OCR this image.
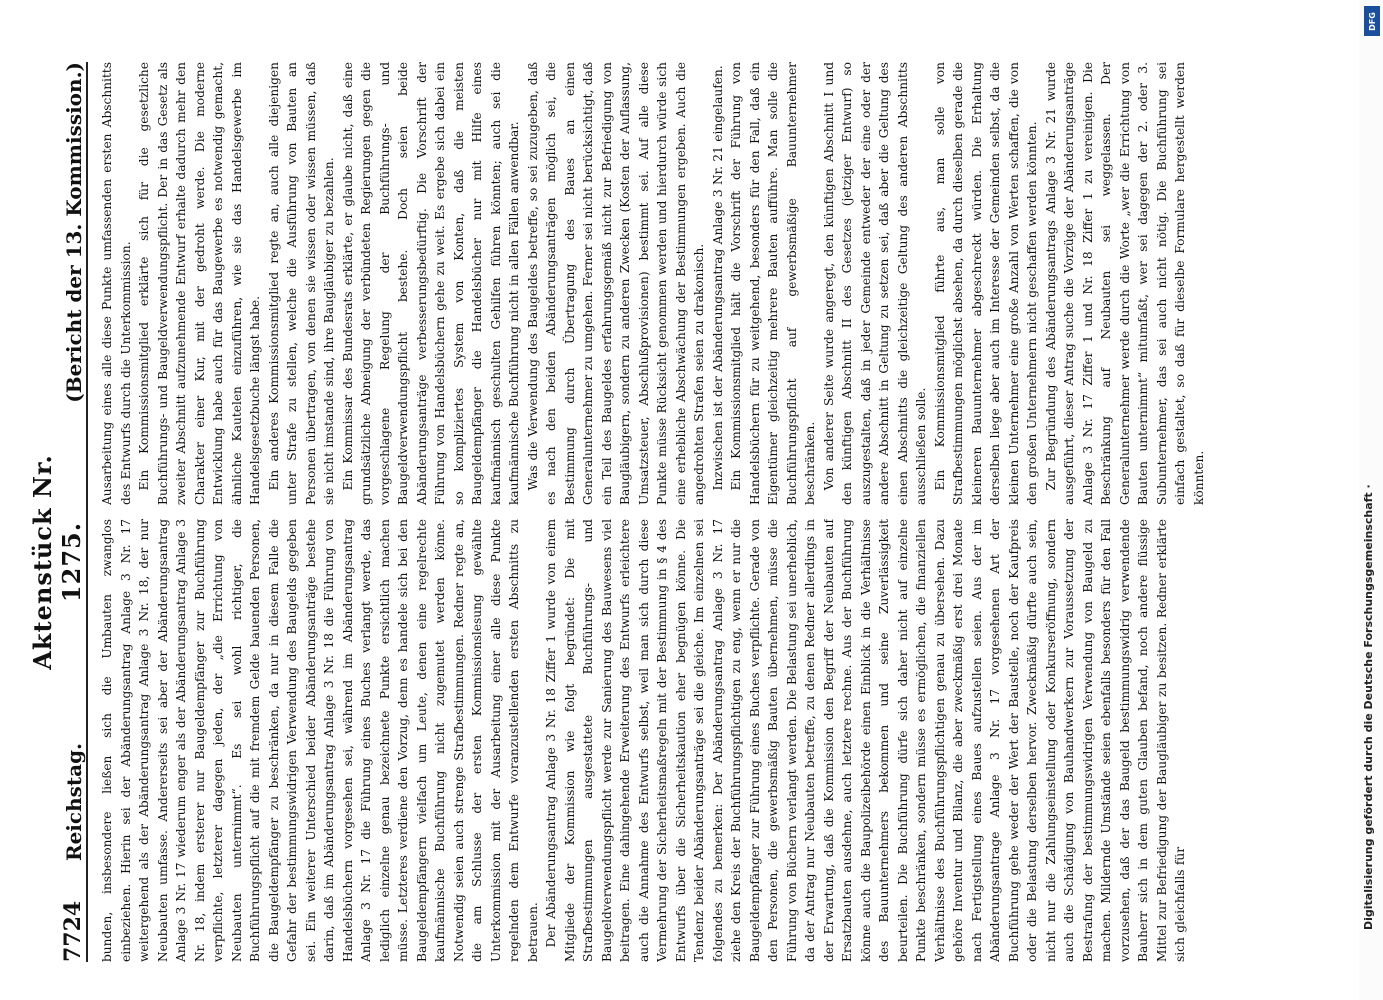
7724
Reichstag.
Aktenstück Nr. 1275.
(Bericht der 13. Kommission.)

bunden, insbesondere ließen sich die Umbauten zwanglos einbeziehen. Hierin sei der Abänderungsantrag Anlage 3 Nr. 17 weitergehend als der Abänderungsantrag Anlage 3 Nr. 18, der nur Neubauten umfasse. Andererseits sei aber der Abänderungsantrag Anlage 3 Nr. 17 wiederum enger als der Abänderungsantrag Anlage 3 Nr. 18, indem ersterer nur Baugeldempfänger zur Buchführung verpflichte, letzterer dagegen jeden, der „die Errichtung von Neubauten unternimmt“. Es sei wohl richtiger, die Buchführungspflicht auf die mit fremdem Gelde bauenden Personen, die Baugeldempfänger zu beschränken, da nur in diesem Falle die Gefahr der bestimmungswidrigen Verwendung des Baugelds gegeben sei. Ein weiterer Unterschied beider Abänderungsanträge bestehe darin, daß im Abänderungsantrag Anlage 3 Nr. 18 die Führung von Handelsbüchern vorgesehen sei, während im Abänderungsantrag Anlage 3 Nr. 17 die Führung eines Buches verlangt werde, das lediglich einzelne genau bezeichnete Punkte ersichtlich machen müsse. Letzteres verdiene den Vorzug, denn es handele sich bei den Baugeldempfängern vielfach um Leute, denen eine regelrechte kaufmännische Buchführung nicht zugemutet werden könne. Notwendig seien auch strenge Strafbestimmungen. Redner regte an, die am Schlusse der ersten Kommissionslesung gewählte Unterkommission mit der Ausarbeitung einer alle diese Punkte regelnden dem Entwurfe voranzustellenden ersten Abschnitts zu betrauen. Der Abänderungsantrag Anlage 3 Nr. 18 Ziffer 1 wurde von einem Mitgliede der Kommission wie folgt begründet: Die mit Strafbestimmungen ausgestattete Buchführungs- und Baugeldverwendungspflicht werde zur Sanierung des Bauwesens viel beitragen. Eine dahingehende Erweiterung des Entwurfs erleichtere auch die Annahme des Entwurfs selbst, weil man sich durch diese Vermehrung der Sicherheitsmaßregeln mit der Bestimmung in § 4 des Entwurfs über die Sicherheitskaution eher begnügen könne. Die Tendenz beider Abänderungsanträge sei die gleiche. Im einzelnen sei folgendes zu bemerken: Der Abänderungsantrag Anlage 3 Nr. 17 ziehe den Kreis der Buchführungspflichtigen zu eng, wenn er nur die Baugeldempfänger zur Führung eines Buches verpflichte. Gerade von den Personen, die gewerbsmäßig Bauten übernehmen, müsse die Führung von Büchern verlangt werden. Die Belastung sei unerheblich, da der Antrag nur Neubauten betreffe, zu denen Redner allerdings in der Erwartung, daß die Kommission den Begriff der Neubauten auf Ersatzbauten ausdehne, auch letztere rechne. Aus der Buchführung könne auch die Baupolizeibehörde einen Einblick in die Verhältnisse des Bauunternehmers bekommen und seine Zuverlässigkeit beurteilen. Die Buchführung dürfe sich daher nicht auf einzelne Punkte beschränken, sondern müsse es ermöglichen, die finanziellen Verhältnisse des Buchführungspflichtigen genau zu übersehen. Dazu gehöre Inventur und Bilanz, die aber zweckmäßig erst drei Monate nach Fertigstellung eines Baues aufzustellen seien. Aus der im Abänderungsantrage Anlage 3 Nr. 17 vorgesehenen Art der Buchführung gehe weder der Wert der Baustelle, noch der Kaufpreis oder die Belastung derselben hervor. Zweckmäßig dürfte auch sein, nicht nur die Zahlungseinstellung oder Konkurseröffnung, sondern auch die Schädigung von Bauhandwerkern zur Voraussetzung der Bestrafung der bestimmungswidrigen Verwendung von Baugeld zu machen. Mildernde Umstände seien ebenfalls besonders für den Fall vorzusehen, daß der das Baugeld bestimmungswidrig verwendende Bauherr sich in dem guten Glauben befand, noch andere flüssige Mittel zur Befriedigung der Baugläubiger zu besitzen. Redner erklärte sich gleichfalls für

Ausarbeitung eines alle diese Punkte umfassenden ersten Abschnitts des Entwurfs durch die Unterkommission. Ein Kommissionsmitglied erklärte sich für die gesetzliche Buchführungs- und Baugeldverwendungspflicht. Der in das Gesetz als zweiter Abschnitt aufzunehmende Entwurf erhalte dadurch mehr den Charakter einer Kur, mit der gedroht werde. Die moderne Entwicklung habe auch für das Baugewerbe es notwendig gemacht, ähnliche Kautelen einzuführen, wie sie das Handelsgewerbe im Handelsgesetzbuche längst habe. Ein anderes Kommissionsmitglied regte an, auch alle diejenigen unter Strafe zu stellen, welche die Ausführung von Bauten an Personen übertragen, von denen sie wissen oder wissen müssen, daß sie nicht imstande sind, ihre Baugläubiger zu bezahlen. Ein Kommissar des Bundesrats erklärte, er glaube nicht, daß eine grundsätzliche Abneigung der verbündeten Regierungen gegen die vorgeschlagene Regelung der Buchführungs- und Baugeldverwendungspflicht bestehe. Doch seien beide Abänderungsanträge verbesserungsbedürftig. Die Vorschrift der Führung von Handelsbüchern gehe zu weit. Es ergebe sich dabei ein so kompliziertes System von Konten, daß die meisten Baugeldempfänger die Handelsbücher nur mit Hilfe eines kaufmännisch geschulten Gehilfen führen könnten; auch sei die kaufmännische Buchführung nicht in allen Fällen anwendbar. Was die Verwendung des Baugeldes betreffe, so sei zuzugeben, daß es nach den beiden Abänderungsanträgen möglich sei, die Bestimmung durch Übertragung des Baues an einen Generalunternehmer zu umgehen. Ferner sei nicht berücksichtigt, daß ein Teil des Baugeldes erfahrungsgemäß nicht zur Befriedigung von Baugläubigern, sondern zu anderen Zwecken (Kosten der Auflassung, Umsatzsteuer, Abschlußprovisionen) bestimmt sei. Auf alle diese Punkte müsse Rücksicht genommen werden und hierdurch würde sich eine erhebliche Abschwächung der Bestimmungen ergeben. Auch die angedrohten Strafen seien zu drakonisch. Inzwischen ist der Abänderungsantrag Anlage 3 Nr. 21 eingelaufen. Ein Kommissionsmitglied hält die Vorschrift der Führung von Handelsbüchern für zu weitgehend, besonders für den Fall, daß ein Eigentümer gleichzeitig mehrere Bauten aufführe. Man solle die Buchführungspflicht auf gewerbsmäßige Bauunternehmer beschränken. Von anderer Seite wurde angeregt, den künftigen Abschnitt I und den künftigen Abschnitt II des Gesetzes (jetziger Entwurf) so auszugestalten, daß in jeder Gemeinde entweder der eine oder der andere Abschnitt in Geltung zu setzen sei, daß aber die Geltung des einen Abschnitts die gleichzeitige Geltung des anderen Abschnitts ausschließen solle. Ein Kommissionsmitglied führte aus, man solle von Strafbestimmungen möglichst absehen, da durch dieselben gerade die kleineren Bauunternehmer abgeschreckt würden. Die Erhaltung derselben liege aber auch im Interesse der Gemeinden selbst, da die kleinen Unternehmer eine große Anzahl von Werten schaffen, die von den großen Unternehmern nicht geschaffen werden könnten. Zur Begründung des Abänderungsantrags Anlage 3 Nr. 21 wurde ausgeführt, dieser Antrag suche die Vorzüge der Abänderungsanträge Anlage 3 Nr. 17 Ziffer 1 und Nr. 18 Ziffer 1 zu vereinigen. Die Beschränkung auf Neubauten sei weggelassen. Der Generalunternehmer werde durch die Worte „wer die Errichtung von Bauten unternimmt“ mitumfaßt, wer sei dagegen der 2. oder 3. Subunternehmer, das sei auch nicht nötig. Die Buchführung sei einfach gestaltet, so daß für dieselbe Formulare hergestellt werden könnten.

DFG
Digitalisierung gefördert durch die Deutsche Forschungsgemeinschaft ·
